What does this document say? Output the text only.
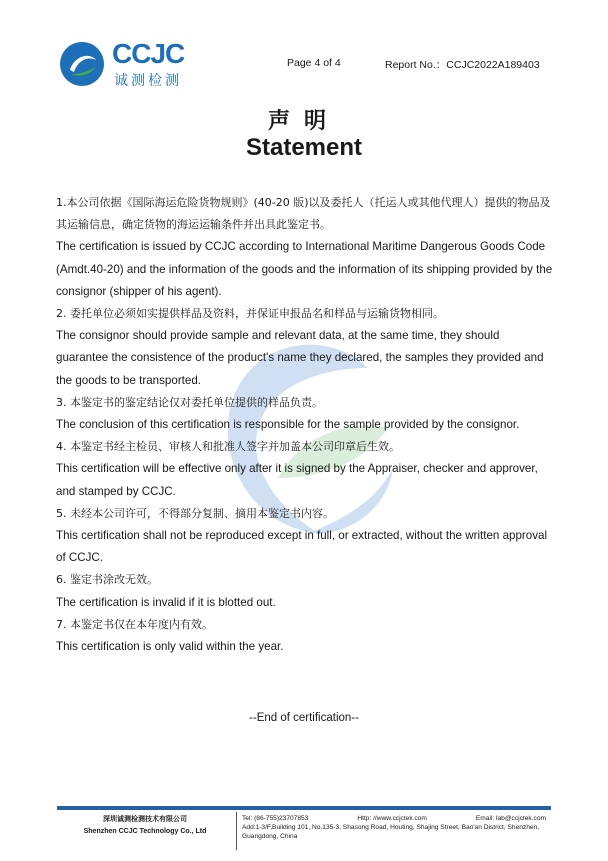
CCJC
诚测检测
Page 4 of 4	Report No.：CCJC2022A189403
声明
Statement

1.本公司依据《国际海运危险货物规则》(40-20 版)以及委托人（托运人或其他代理人）提供的物品及其运输信息，确定货物的海运运输条件并出具此鉴定书。

The certification is issued by CCJC according to International Maritime Dangerous Goods Code (Amdt.40-20) and the information of the goods and the information of its shipping provided by the consignor (shipper of his agent).

2. 委托单位必须如实提供样品及资料，并保证申报品名和样品与运输货物相同。

The consignor should provide sample and relevant data, at the same time, they should guarantee the consistence of the product's name they declared, the samples they provided and the goods to be transported.

3. 本鉴定书的鉴定结论仅对委托单位提供的样品负责。

The conclusion of this certification is responsible for the sample provided by the consignor.

4. 本鉴定书经主检员、审核人和批准人签字并加盖本公司印章后生效。

This certification will be effective only after it is signed by the Appraiser, checker and approver, and stamped by CCJC.

5. 未经本公司许可，不得部分复制、摘用本鉴定书内容。

This certification shall not be reproduced except in full, or extracted, without the written approval of CCJC.

6. 鉴定书涂改无效。

The certification is invalid if it is blotted out.

7. 本鉴定书仅在本年度内有效。

This certification is only valid within the year.

--End of certification--
深圳诚测检测技术有限公司
Shenzhen CCJC Technology Co., Ltd
Tel: (86-755)23707853	Http: //www.ccjctek.com	Email: lab@ccjctek.com
Add:1-3/F,Building 101, No.135-3, Shasong Road, Houting, Shajing Street, Bao'an District, Shenzhen, Guangdong, China
